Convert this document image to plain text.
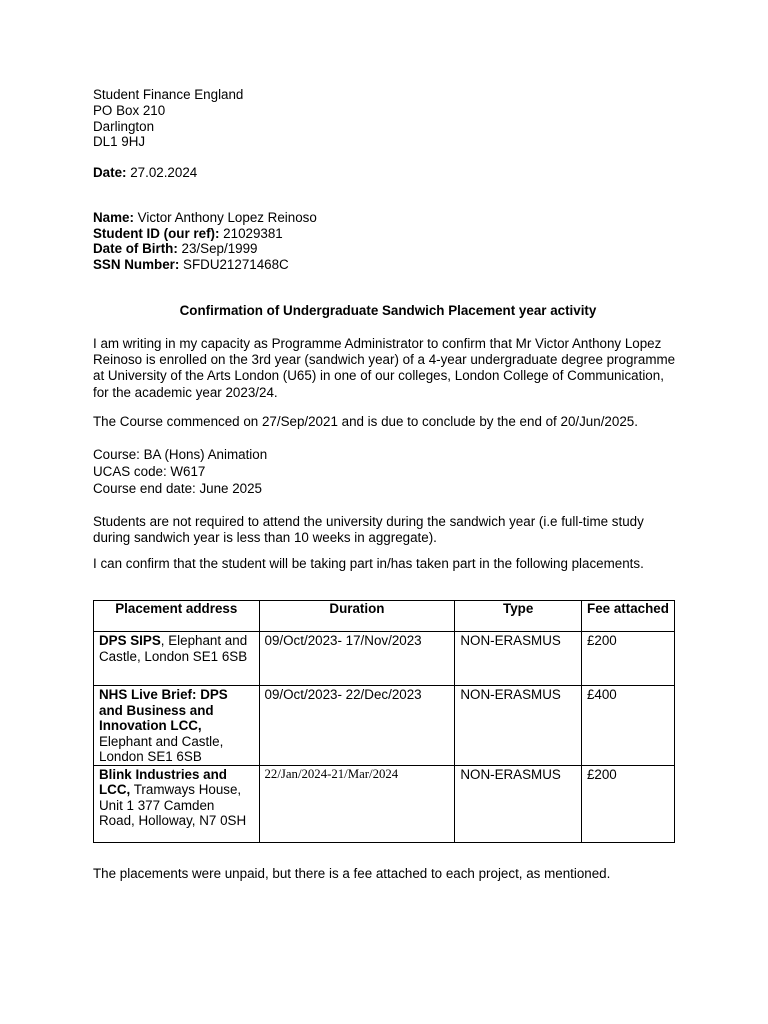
Student Finance England
PO Box 210
Darlington
DL1 9HJ
Date: 27.02.2024
Name: Victor Anthony Lopez Reinoso
Student ID (our ref): 21029381
Date of Birth: 23/Sep/1999
SSN Number: SFDU21271468C
Confirmation of Undergraduate Sandwich Placement year activity
I am writing in my capacity as Programme Administrator to confirm that Mr Victor Anthony Lopez Reinoso is enrolled on the 3rd year (sandwich year) of a 4-year undergraduate degree programme at University of the Arts London (U65) in one of our colleges, London College of Communication, for the academic year 2023/24.
The Course commenced on 27/Sep/2021 and is due to conclude by the end of 20/Jun/2025.
Course: BA (Hons) Animation
UCAS code: W617
Course end date: June 2025
Students are not required to attend the university during the sandwich year (i.e full-time study during sandwich year is less than 10 weeks in aggregate).
I can confirm that the student will be taking part in/has taken part in the following placements.
Placement address	Duration	Type	Fee attached
DPS SIPS, Elephant and Castle, London SE1 6SB	09/Oct/2023- 17/Nov/2023	NON-ERASMUS	£200
NHS Live Brief: DPS and Business and Innovation LCC, Elephant and Castle, London SE1 6SB	09/Oct/2023- 22/Dec/2023	NON-ERASMUS	£400
Blink Industries and LCC, Tramways House, Unit 1 377 Camden Road, Holloway, N7 0SH	22/Jan/2024-21/Mar/2024	NON-ERASMUS	£200
The placements were unpaid, but there is a fee attached to each project, as mentioned.
